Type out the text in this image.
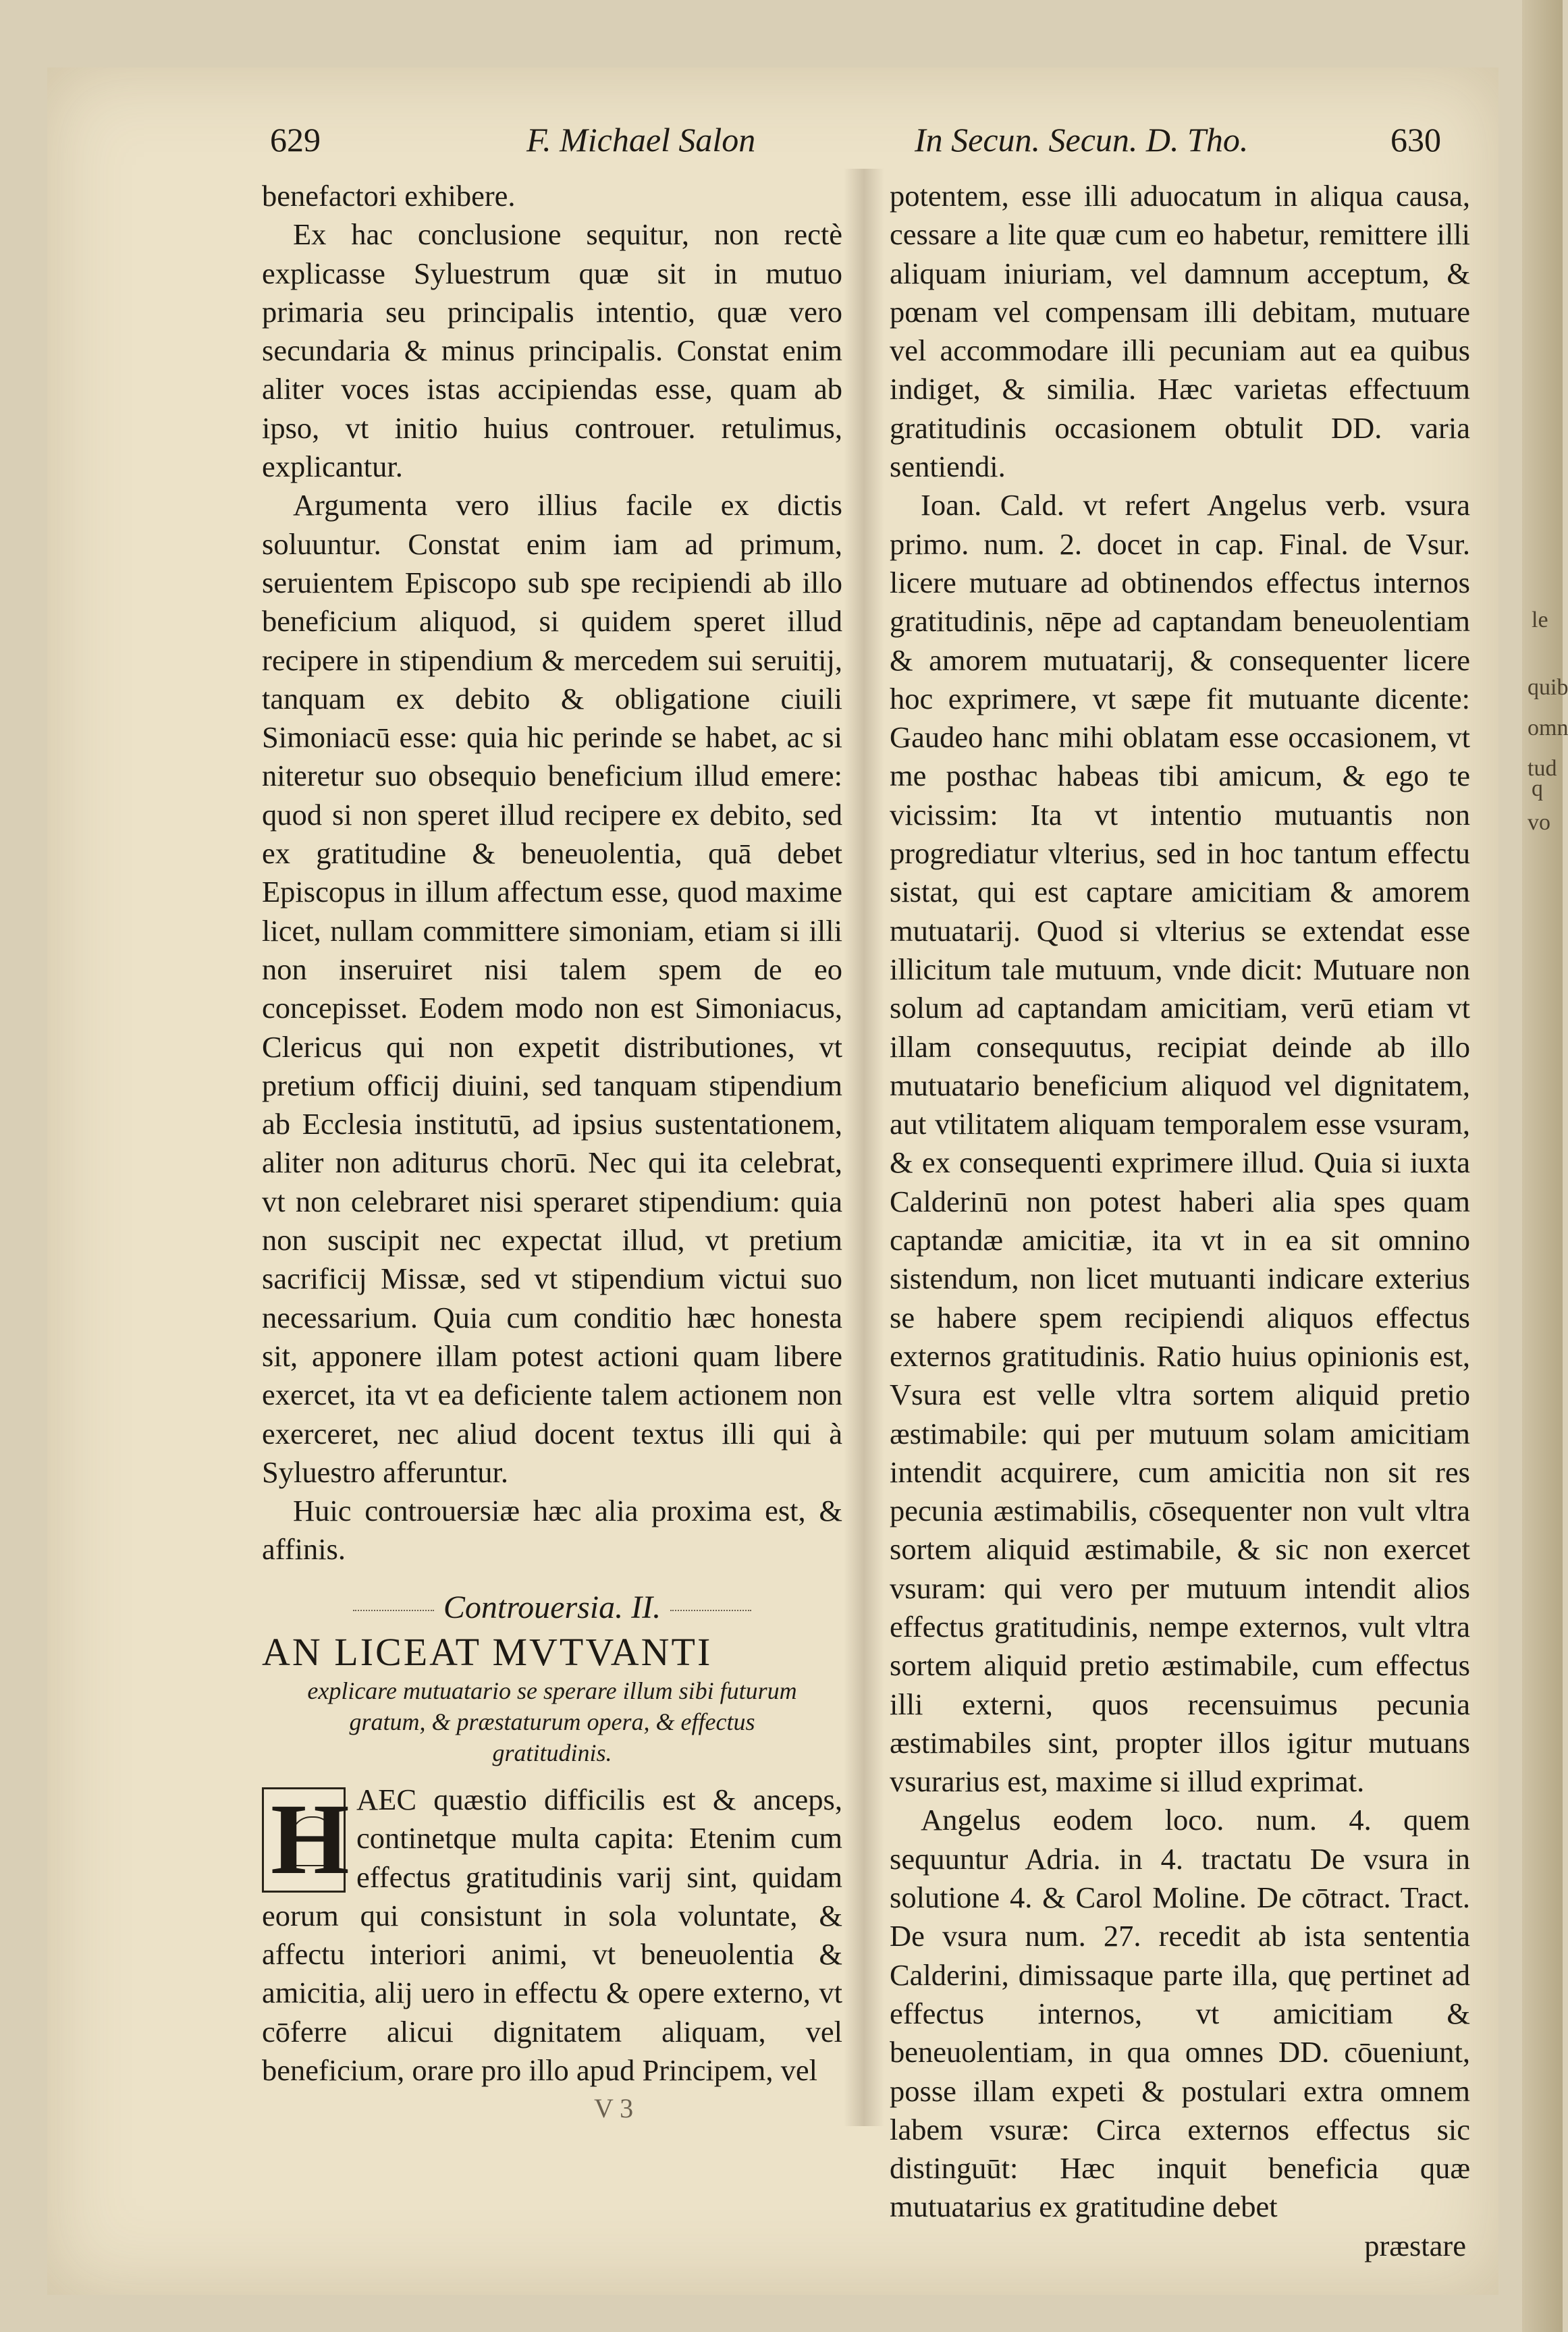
le
quib
omn
tud
q
vo
629	F. Michael Salon	In Secun. Secun. D. Tho.	630

benefactori exhibere.

Ex hac conclusione sequitur, non rectè explicasse Syluestrum quæ sit in mutuo primaria seu principalis intentio, quæ vero secundaria & minus principalis. Constat enim aliter voces istas accipiendas esse, quam ab ipso, vt initio huius controuer. retulimus, explicantur.

Argumenta vero illius facile ex dictis soluuntur. Constat enim iam ad primum, seruientem Episcopo sub spe recipiendi ab illo beneficium aliquod, si quidem speret illud recipere in stipendium & mercedem sui seruitij, tanquam ex debito & obligatione ciuili Simoniacū esse: quia hic perinde se habet, ac si niteretur suo obsequio beneficium illud emere: quod si non speret illud recipere ex debito, sed ex gratitudine & beneuolentia, quā debet Episcopus in illum affectum esse, quod maxime licet, nullam committere simoniam, etiam si illi non inseruiret nisi talem spem de eo concepisset. Eodem modo non est Simoniacus, Clericus qui non expetit distributiones, vt pretium officij diuini, sed tanquam stipendium ab Ecclesia institutū, ad ipsius sustentationem, aliter non aditurus chorū. Nec qui ita celebrat, vt non celebraret nisi speraret stipendium: quia non suscipit nec expectat illud, vt pretium sacrificij Missæ, sed vt stipendium victui suo necessarium. Quia cum conditio hæc honesta sit, apponere illam potest actioni quam libere exercet, ita vt ea deficiente talem actionem non exerceret, nec aliud docent textus illi qui à Syluestro afferuntur.

Huic controuersiæ hæc alia proxima est, & affinis.

Controuersia. II.
AN LICEAT MVTVANTI
explicare mutuatario se sperare illum sibi futurum gratum, & præstaturum opera, & effectus gratitudinis.
H AEC quæstio difficilis est & anceps, continetque multa capita: Etenim cum effectus gratitudinis varij sint, quidam eorum qui consistunt in sola voluntate, & affectu interiori animi, vt beneuolentia & amicitia, alij uero in effectu & opere externo, vt cōferre alicui dignitatem aliquam, vel beneficium, orare pro illo apud Principem, vel

V 3

potentem, esse illi aduocatum in aliqua causa, cessare a lite quæ cum eo habetur, remittere illi aliquam iniuriam, vel damnum acceptum, & pœnam vel compensam illi debitam, mutuare vel accommodare illi pecuniam aut ea quibus indiget, & similia. Hæc varietas effectuum gratitudinis occasionem obtulit DD. varia sentiendi.

Ioan. Cald. vt refert Angelus verb. vsura primo. num. 2. docet in cap. Final. de Vsur. licere mutuare ad obtinendos effectus internos gratitudinis, nēpe ad captandam beneuolentiam & amorem mutuatarij, & consequenter licere hoc exprimere, vt sæpe fit mutuante dicente: Gaudeo hanc mihi oblatam esse occasionem, vt me posthac habeas tibi amicum, & ego te vicissim: Ita vt intentio mutuantis non progrediatur vlterius, sed in hoc tantum effectu sistat, qui est captare amicitiam & amorem mutuatarij. Quod si vlterius se extendat esse illicitum tale mutuum, vnde dicit: Mutuare non solum ad captandam amicitiam, verū etiam vt illam consequutus, recipiat deinde ab illo mutuatario beneficium aliquod vel dignitatem, aut vtilitatem aliquam temporalem esse vsuram, & ex consequenti exprimere illud. Quia si iuxta Calderinū non potest haberi alia spes quam captandæ amicitiæ, ita vt in ea sit omnino sistendum, non licet mutuanti indicare exterius se habere spem recipiendi aliquos effectus externos gratitudinis. Ratio huius opinionis est, Vsura est velle vltra sortem aliquid pretio æstimabile: qui per mutuum solam amicitiam intendit acquirere, cum amicitia non sit res pecunia æstimabilis, cōsequenter non vult vltra sortem aliquid æstimabile, & sic non exercet vsuram: qui vero per mutuum intendit alios effectus gratitudinis, nempe externos, vult vltra sortem aliquid pretio æstimabile, cum effectus illi externi, quos recensuimus pecunia æstimabiles sint, propter illos igitur mutuans vsurarius est, maxime si illud exprimat.

Angelus eodem loco. num. 4. quem sequuntur Adria. in 4. tractatu De vsura in solutione 4. & Carol Moline. De cōtract. Tract. De vsura num. 27. recedit ab ista sententia Calderini, dimissaque parte illa, quę pertinet ad effectus internos, vt amicitiam & beneuolentiam, in qua omnes DD. cōueniunt, posse illam expeti & postulari extra omnem labem vsuræ: Circa externos effectus sic distinguūt: Hæc inquit beneficia quæ mutuatarius ex gratitudine debet

præstare
